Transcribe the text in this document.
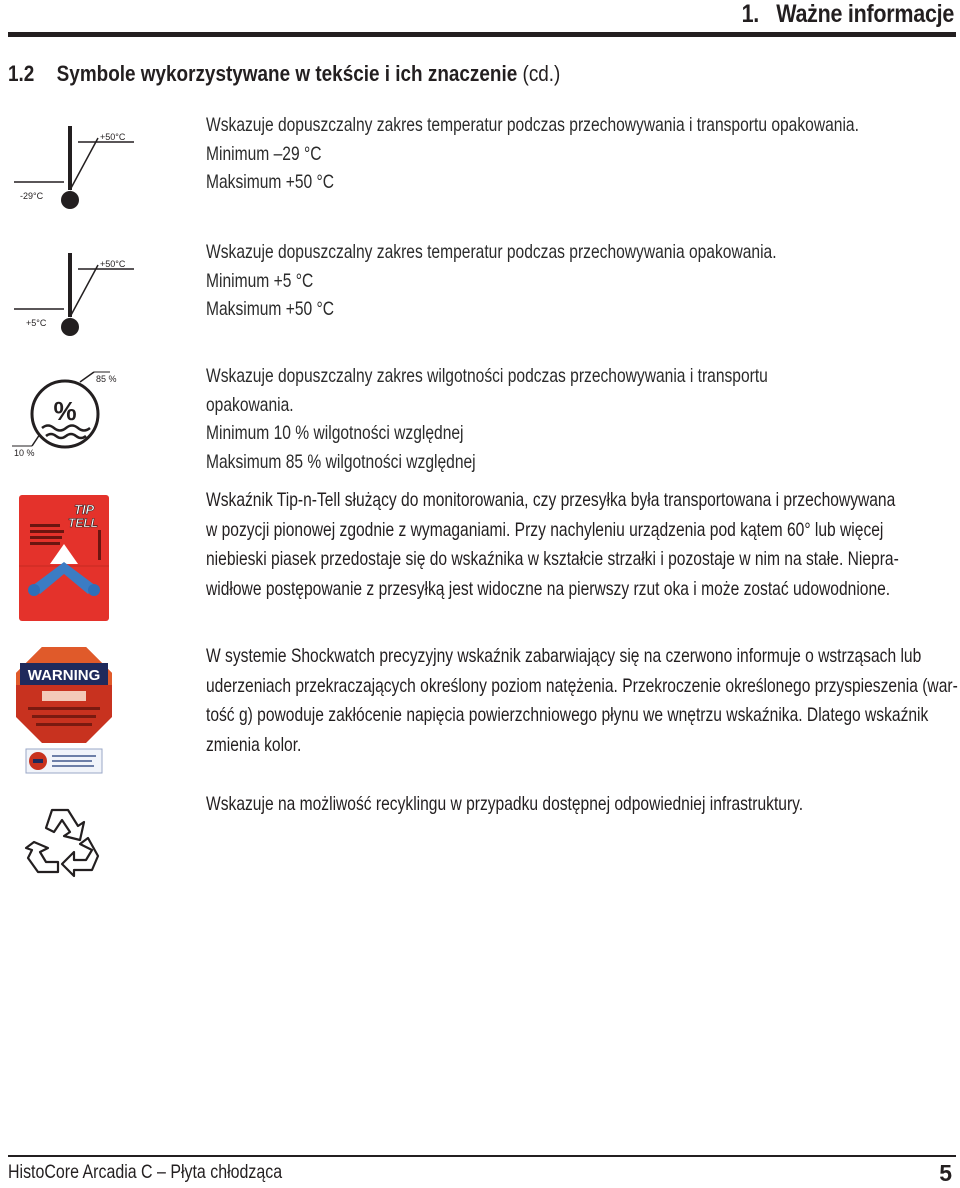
1. Ważne informacje
1.2 Symbole wykorzystywane w tekście i ich znaczenie (cd.)
+50°C
-29°C
Wskazuje dopuszczalny zakres temperatur podczas przechowywania i transportu opakowania.
Minimum –29 °C
Maksimum +50 °C
+50°C
+5°C
Wskazuje dopuszczalny zakres temperatur podczas przechowywania opakowania.
Minimum +5 °C
Maksimum +50 °C
%
85 %
10 %
Wskazuje dopuszczalny zakres wilgotności podczas przechowywania i transportu
opakowania.
Minimum 10 % wilgotności względnej
Maksimum 85 % wilgotności względnej
TIP
TELL
Wskaźnik Tip-n-Tell służący do monitorowania, czy przesyłka była transportowana i przechowywana
w pozycji pionowej zgodnie z wymaganiami. Przy nachyleniu urządzenia pod kątem 60° lub więcej
niebieski piasek przedostaje się do wskaźnika w kształcie strzałki i pozostaje w nim na stałe. Niepra-
widłowe postępowanie z przesyłką jest widoczne na pierwszy rzut oka i może zostać udowodnione.
WARNING
W systemie Shockwatch precyzyjny wskaźnik zabarwiający się na czerwono informuje o wstrząsach lub
uderzeniach przekraczających określony poziom natężenia. Przekroczenie określonego przyspieszenia (war-
tość g) powoduje zakłócenie napięcia powierzchniowego płynu we wnętrzu wskaźnika. Dlatego wskaźnik
zmienia kolor.
Wskazuje na możliwość recyklingu w przypadku dostępnej odpowiedniej infrastruktury.
HistoCore Arcadia C – Płyta chłodząca	5
